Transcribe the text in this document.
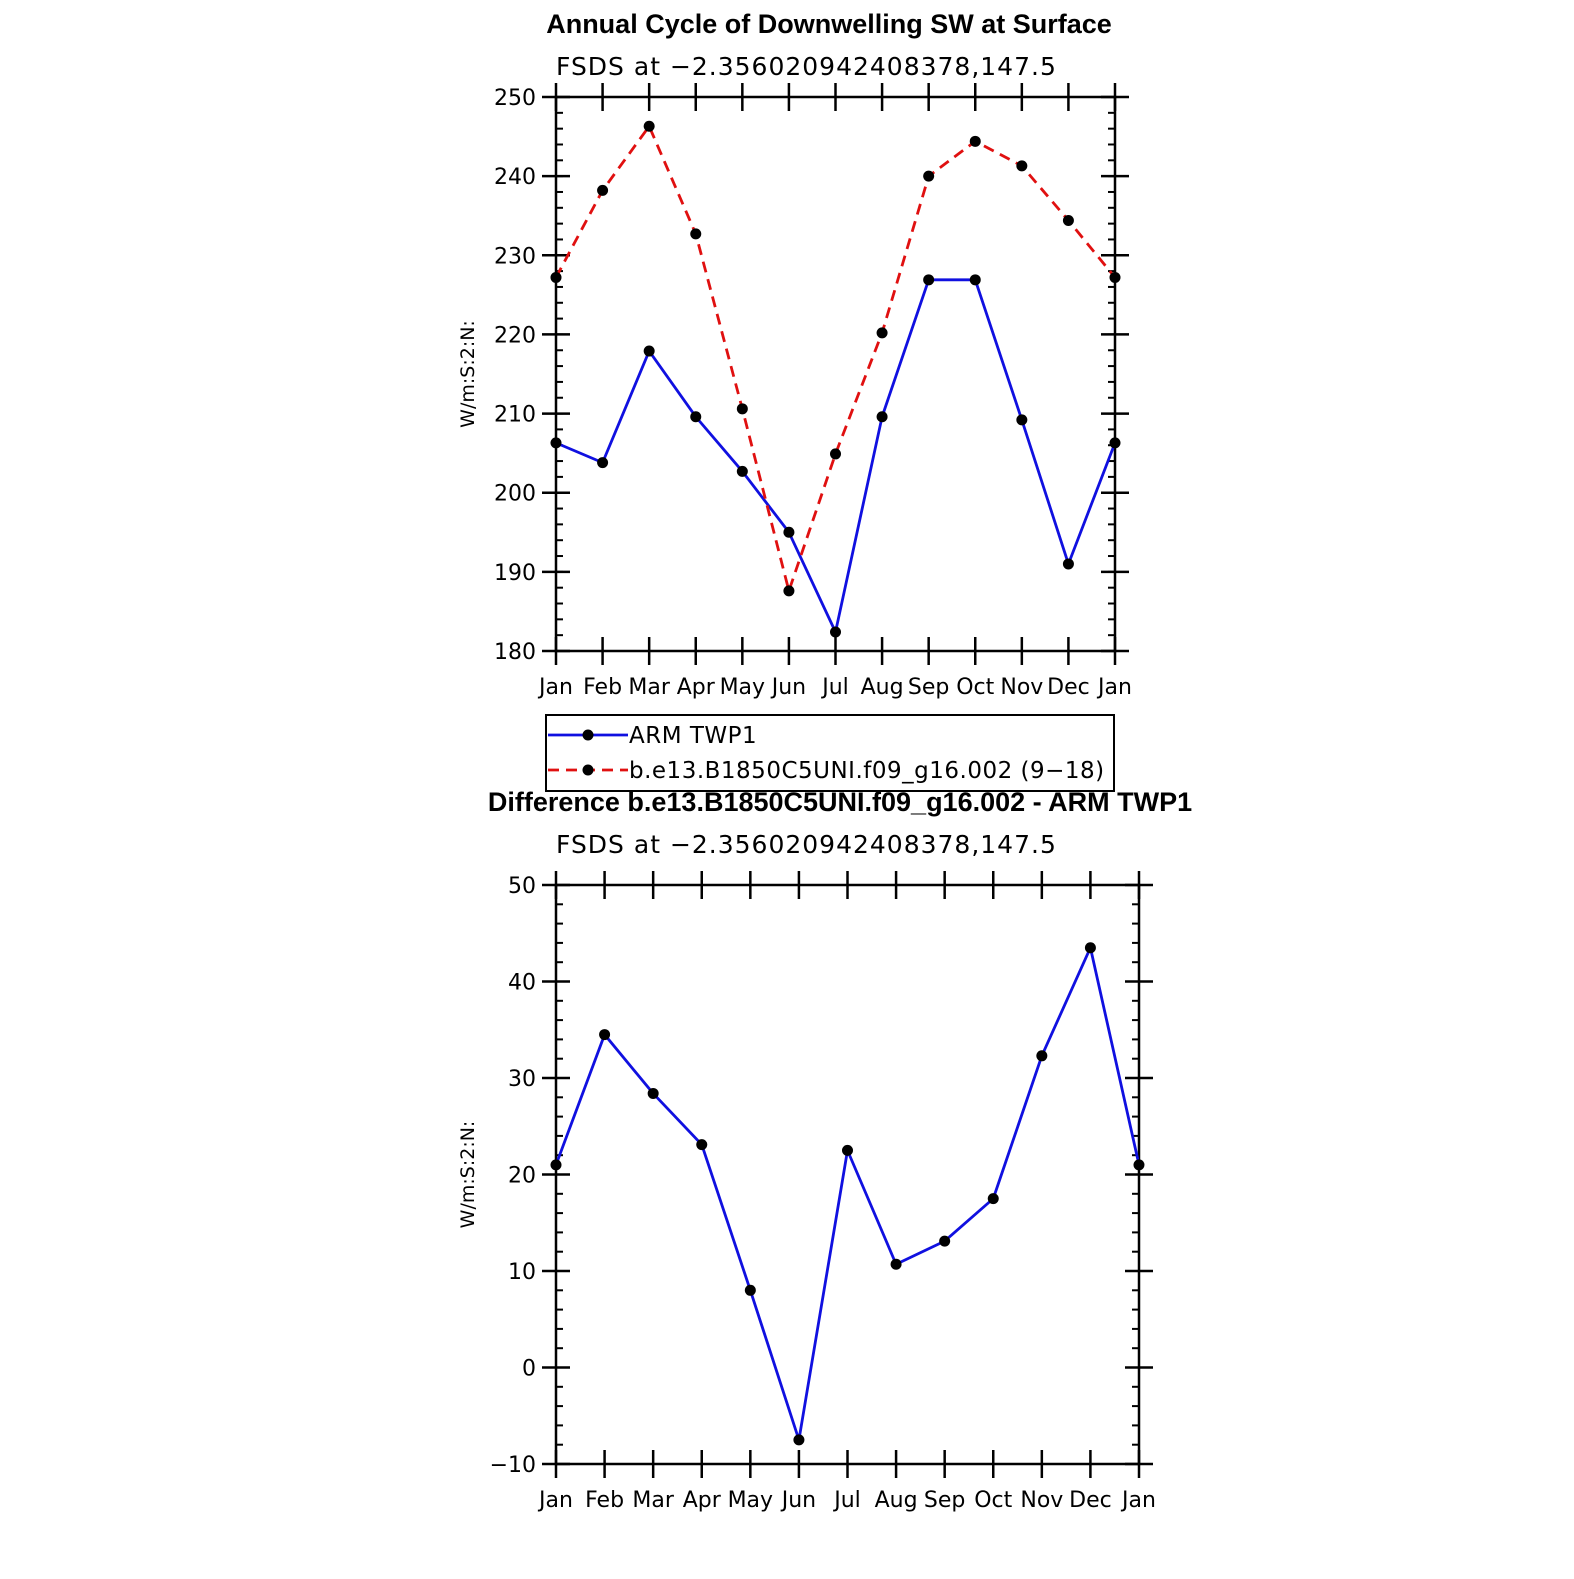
Annual Cycle of Downwelling SW at Surface
FSDS at −2.356020942408378,147.5
180
190
200
210
220
230
240
250
Jan Feb Mar Apr May Jun Jul Aug Sep Oct Nov Dec Jan
W/m:S:2:N:
ARM TWP1
b.e13.B1850C5UNI.f09_g16.002 (9−18)
Difference b.e13.B1850C5UNI.f09_g16.002 - ARM TWP1
FSDS at −2.356020942408378,147.5
−10
0
10
20
30
40
50
Jan Feb Mar Apr May Jun Jul Aug Sep Oct Nov Dec Jan
W/m:S:2:N:
